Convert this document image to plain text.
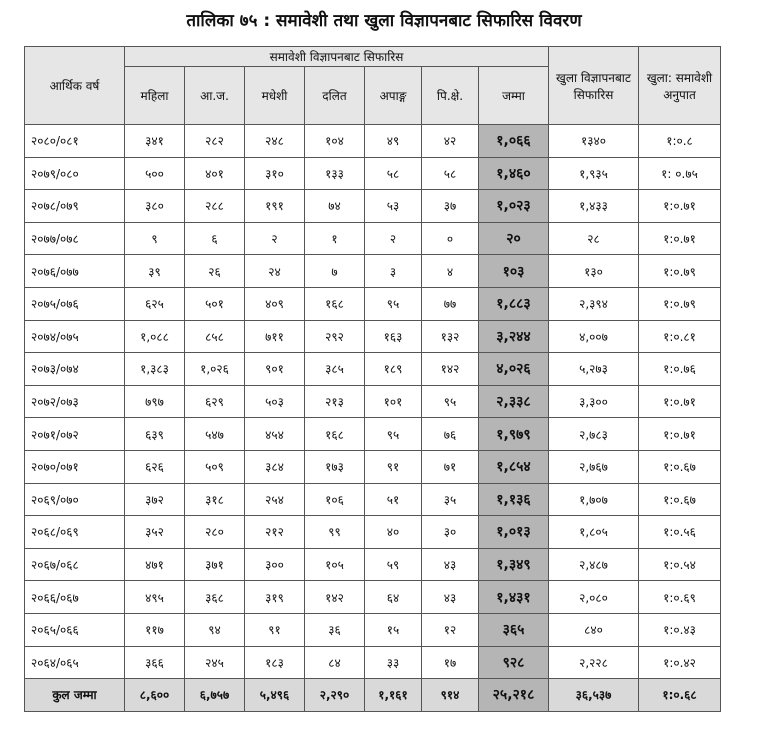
तालिका ७५ : समावेशी तथा खुला विज्ञापनबाट सिफारिस विवरण
आर्थिक वर्ष	समावेशी विज्ञापनबाट सिफारिस							खुला विज्ञापनबाट सिफारिस	खुला: समावेशी अनुपात
	महिला	आ.ज.	मधेशी	दलित	अपाङ्ग	पि.क्षे.	जम्मा		
२०८०/०८१	३४१	२८२	२४८	१०४	४९	४२	१,०६६	१३४०	१:०.८
२०७९/०८०	५००	४०१	३१०	१३३	५८	५८	१,४६०	१,९३५	१: ०.७५
२०७८/०७९	३८०	२८८	१९१	७४	५३	३७	१,०२३	१,४३३	१:०.७१
२०७७/०७८	९	६	२	१	२	०	२०	२८	१:०.७१
२०७६/०७७	३९	२६	२४	७	३	४	१०३	१३०	१:०.७९
२०७५/०७६	६२५	५०१	४०९	१६८	९५	७७	१,८८३	२,३९४	१:०.७९
२०७४/०७५	१,०८८	८५८	७११	२९२	१६३	१३२	३,२४४	४,००७	१:०.८१
२०७३/०७४	१,३८३	१,०२६	९०१	३८५	१८९	१४२	४,०२६	५,२७३	१:०.७६
२०७२/०७३	७९७	६२९	५०३	२१३	१०१	९५	२,३३८	३,३००	१:०.७१
२०७१/०७२	६३९	५४७	४५४	१६८	९५	७६	१,९७९	२,७८३	१:०.७१
२०७०/०७१	६२६	५०९	३८४	१७३	९१	७१	१,८५४	२,७६७	१:०.६७
२०६९/०७०	३७२	३१८	२५४	१०६	५१	३५	१,१३६	१,७०७	१:०.६७
२०६८/०६९	३५२	२८०	२१२	९९	४०	३०	१,०१३	१,८०५	१:०.५६
२०६७/०६८	४७१	३७१	३००	१०५	५९	४३	१,३४९	२,४८७	१:०.५४
२०६६/०६७	४९५	३६८	३१९	१४२	६४	४३	१,४३१	२,०८०	१:०.६९
२०६५/०६६	११७	९४	९१	३६	१५	१२	३६५	८४०	१:०.४३
२०६४/०६५	३६६	२४५	१८३	८४	३३	१७	९२८	२,२२८	१:०.४२
कुल जम्मा	८,६००	६,७५७	५,४९६	२,२९०	१,१६१	९१४	२५,२१८	३६,५३७	१:०.६८
